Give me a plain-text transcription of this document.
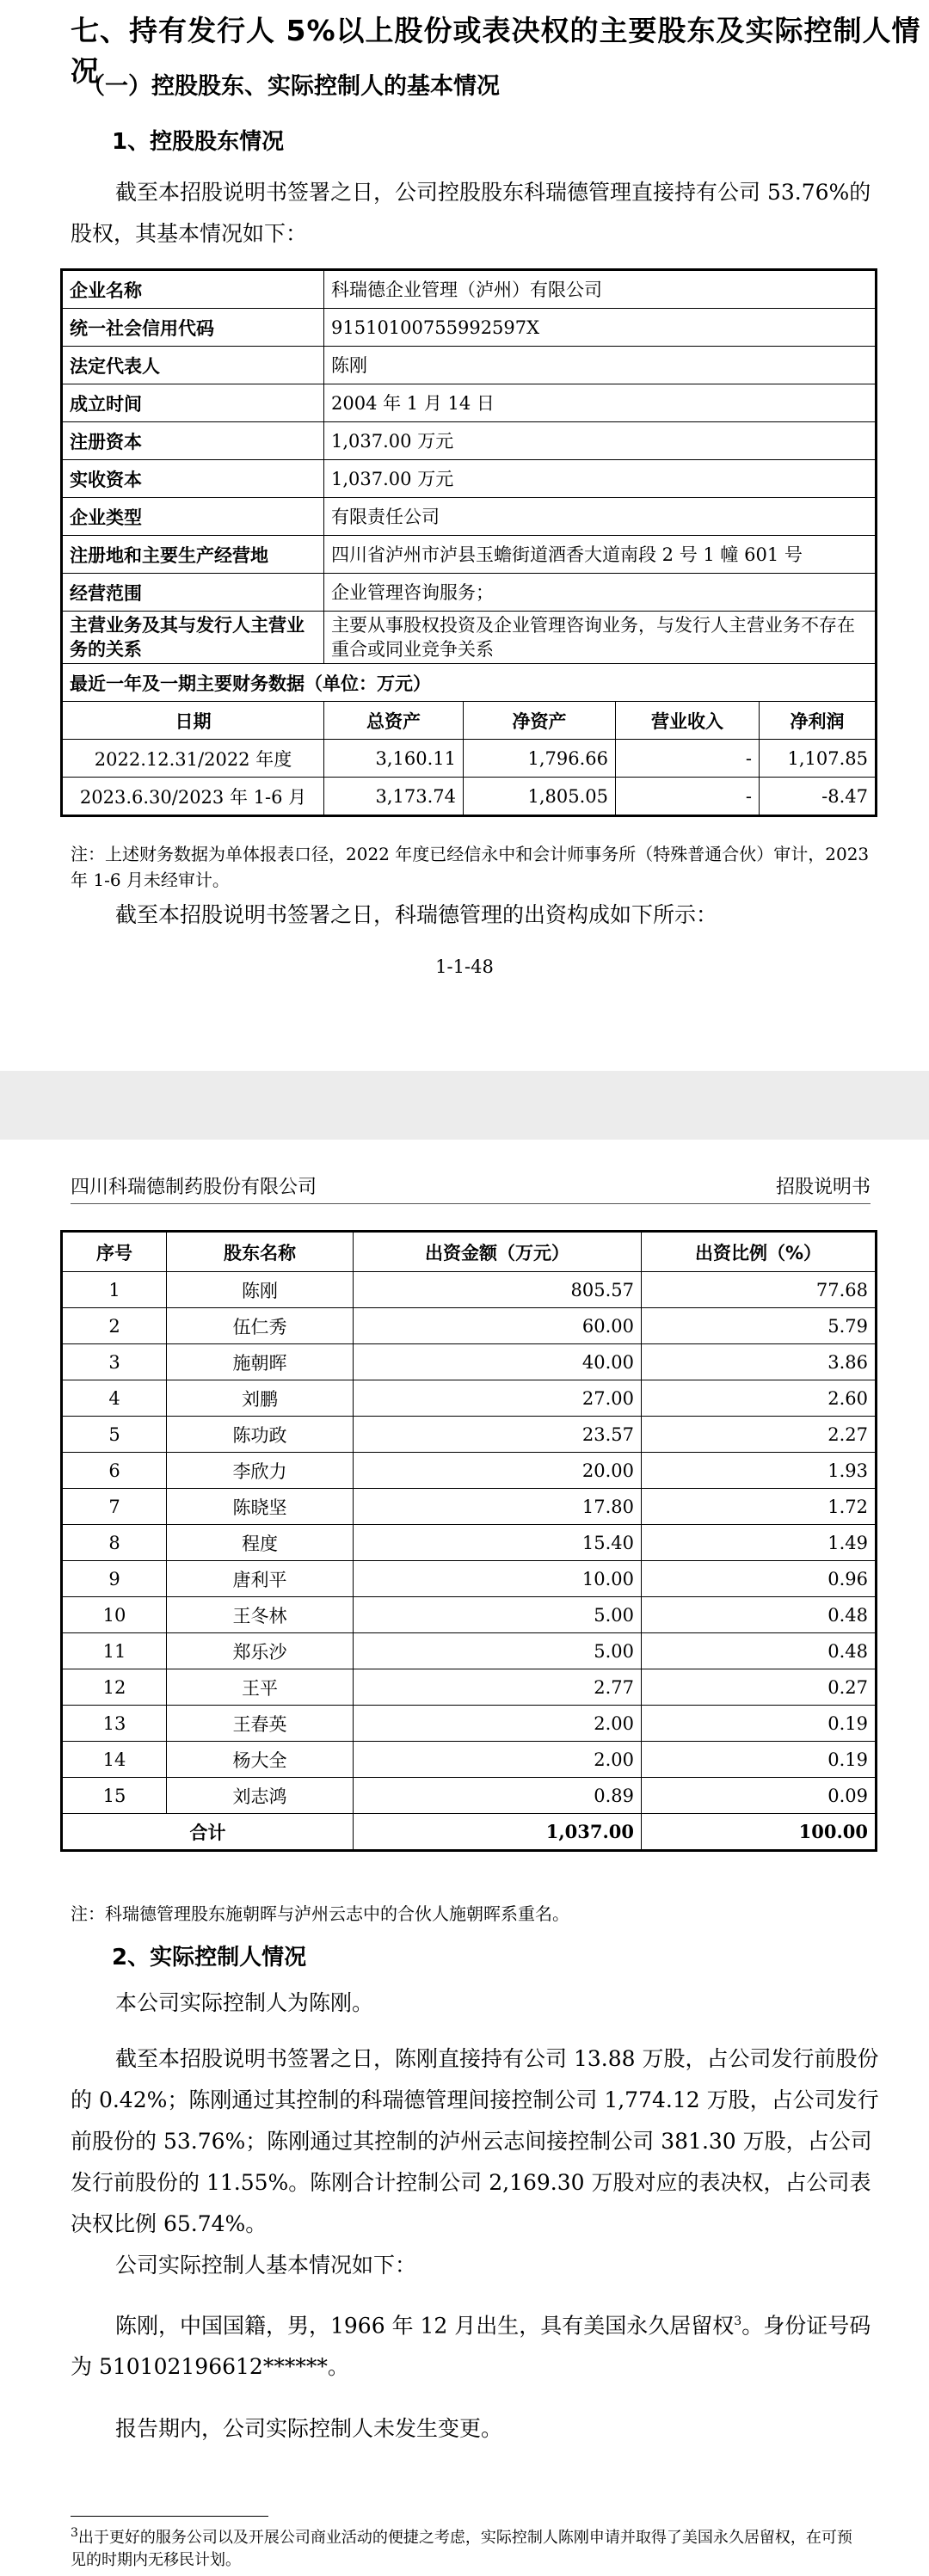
七、持有发行人 5%以上股份或表决权的主要股东及实际控制人情况
（一）控股股东、实际控制人的基本情况
1、控股股东情况
截至本招股说明书签署之日，公司控股股东科瑞德管理直接持有公司 53.76%的股权，其基本情况如下：
企业名称	科瑞德企业管理（泸州）有限公司			
统一社会信用代码	91510100755992597X			
法定代表人	陈刚			
成立时间	2004 年 1 月 14 日			
注册资本	1,037.00 万元			
实收资本	1,037.00 万元			
企业类型	有限责任公司			
注册地和主要生产经营地	四川省泸州市泸县玉蟾街道酒香大道南段 2 号 1 幢 601 号			
经营范围	企业管理咨询服务；			
主营业务及其与发行人主营业务的关系	主要从事股权投资及企业管理咨询业务，与发行人主营业务不存在重合或同业竞争关系			
最近一年及一期主要财务数据（单位：万元）				
日期	总资产	净资产	营业收入	净利润
2022.12.31/2022 年度	3,160.11	1,796.66	-	1,107.85
2023.6.30/2023 年 1-6 月	3,173.74	1,805.05	-	-8.47
注：上述财务数据为单体报表口径，2022 年度已经信永中和会计师事务所（特殊普通合伙）审计，2023 年 1-6 月未经审计。
截至本招股说明书签署之日，科瑞德管理的出资构成如下所示：
1-1-48
四川科瑞德制药股份有限公司	招股说明书
序号	股东名称	出资金额（万元）	出资比例（%）
1	陈刚	805.57	77.68
2	伍仁秀	60.00	5.79
3	施朝晖	40.00	3.86
4	刘鹏	27.00	2.60
5	陈功政	23.57	2.27
6	李欣力	20.00	1.93
7	陈晓坚	17.80	1.72
8	程度	15.40	1.49
9	唐利平	10.00	0.96
10	王冬林	5.00	0.48
11	郑乐沙	5.00	0.48
12	王平	2.77	0.27
13	王春英	2.00	0.19
14	杨大全	2.00	0.19
15	刘志鸿	0.89	0.09
合计		1,037.00	100.00
注：科瑞德管理股东施朝晖与泸州云志中的合伙人施朝晖系重名。
2、实际控制人情况
本公司实际控制人为陈刚。
截至本招股说明书签署之日，陈刚直接持有公司 13.88 万股，占公司发行前股份的 0.42%；陈刚通过其控制的科瑞德管理间接控制公司 1,774.12 万股，占公司发行前股份的 53.76%；陈刚通过其控制的泸州云志间接控制公司 381.30 万股，占公司发行前股份的 11.55%。陈刚合计控制公司 2,169.30 万股对应的表决权，占公司表决权比例 65.74%。
公司实际控制人基本情况如下：
陈刚，中国国籍，男，1966 年 12 月出生，具有美国永久居留权$^3$。身份证号码为 510102196612******。
报告期内，公司实际控制人未发生变更。
$^3$出于更好的服务公司以及开展公司商业活动的便捷之考虑，实际控制人陈刚申请并取得了美国永久居留权，在可预见的时期内无移民计划。
